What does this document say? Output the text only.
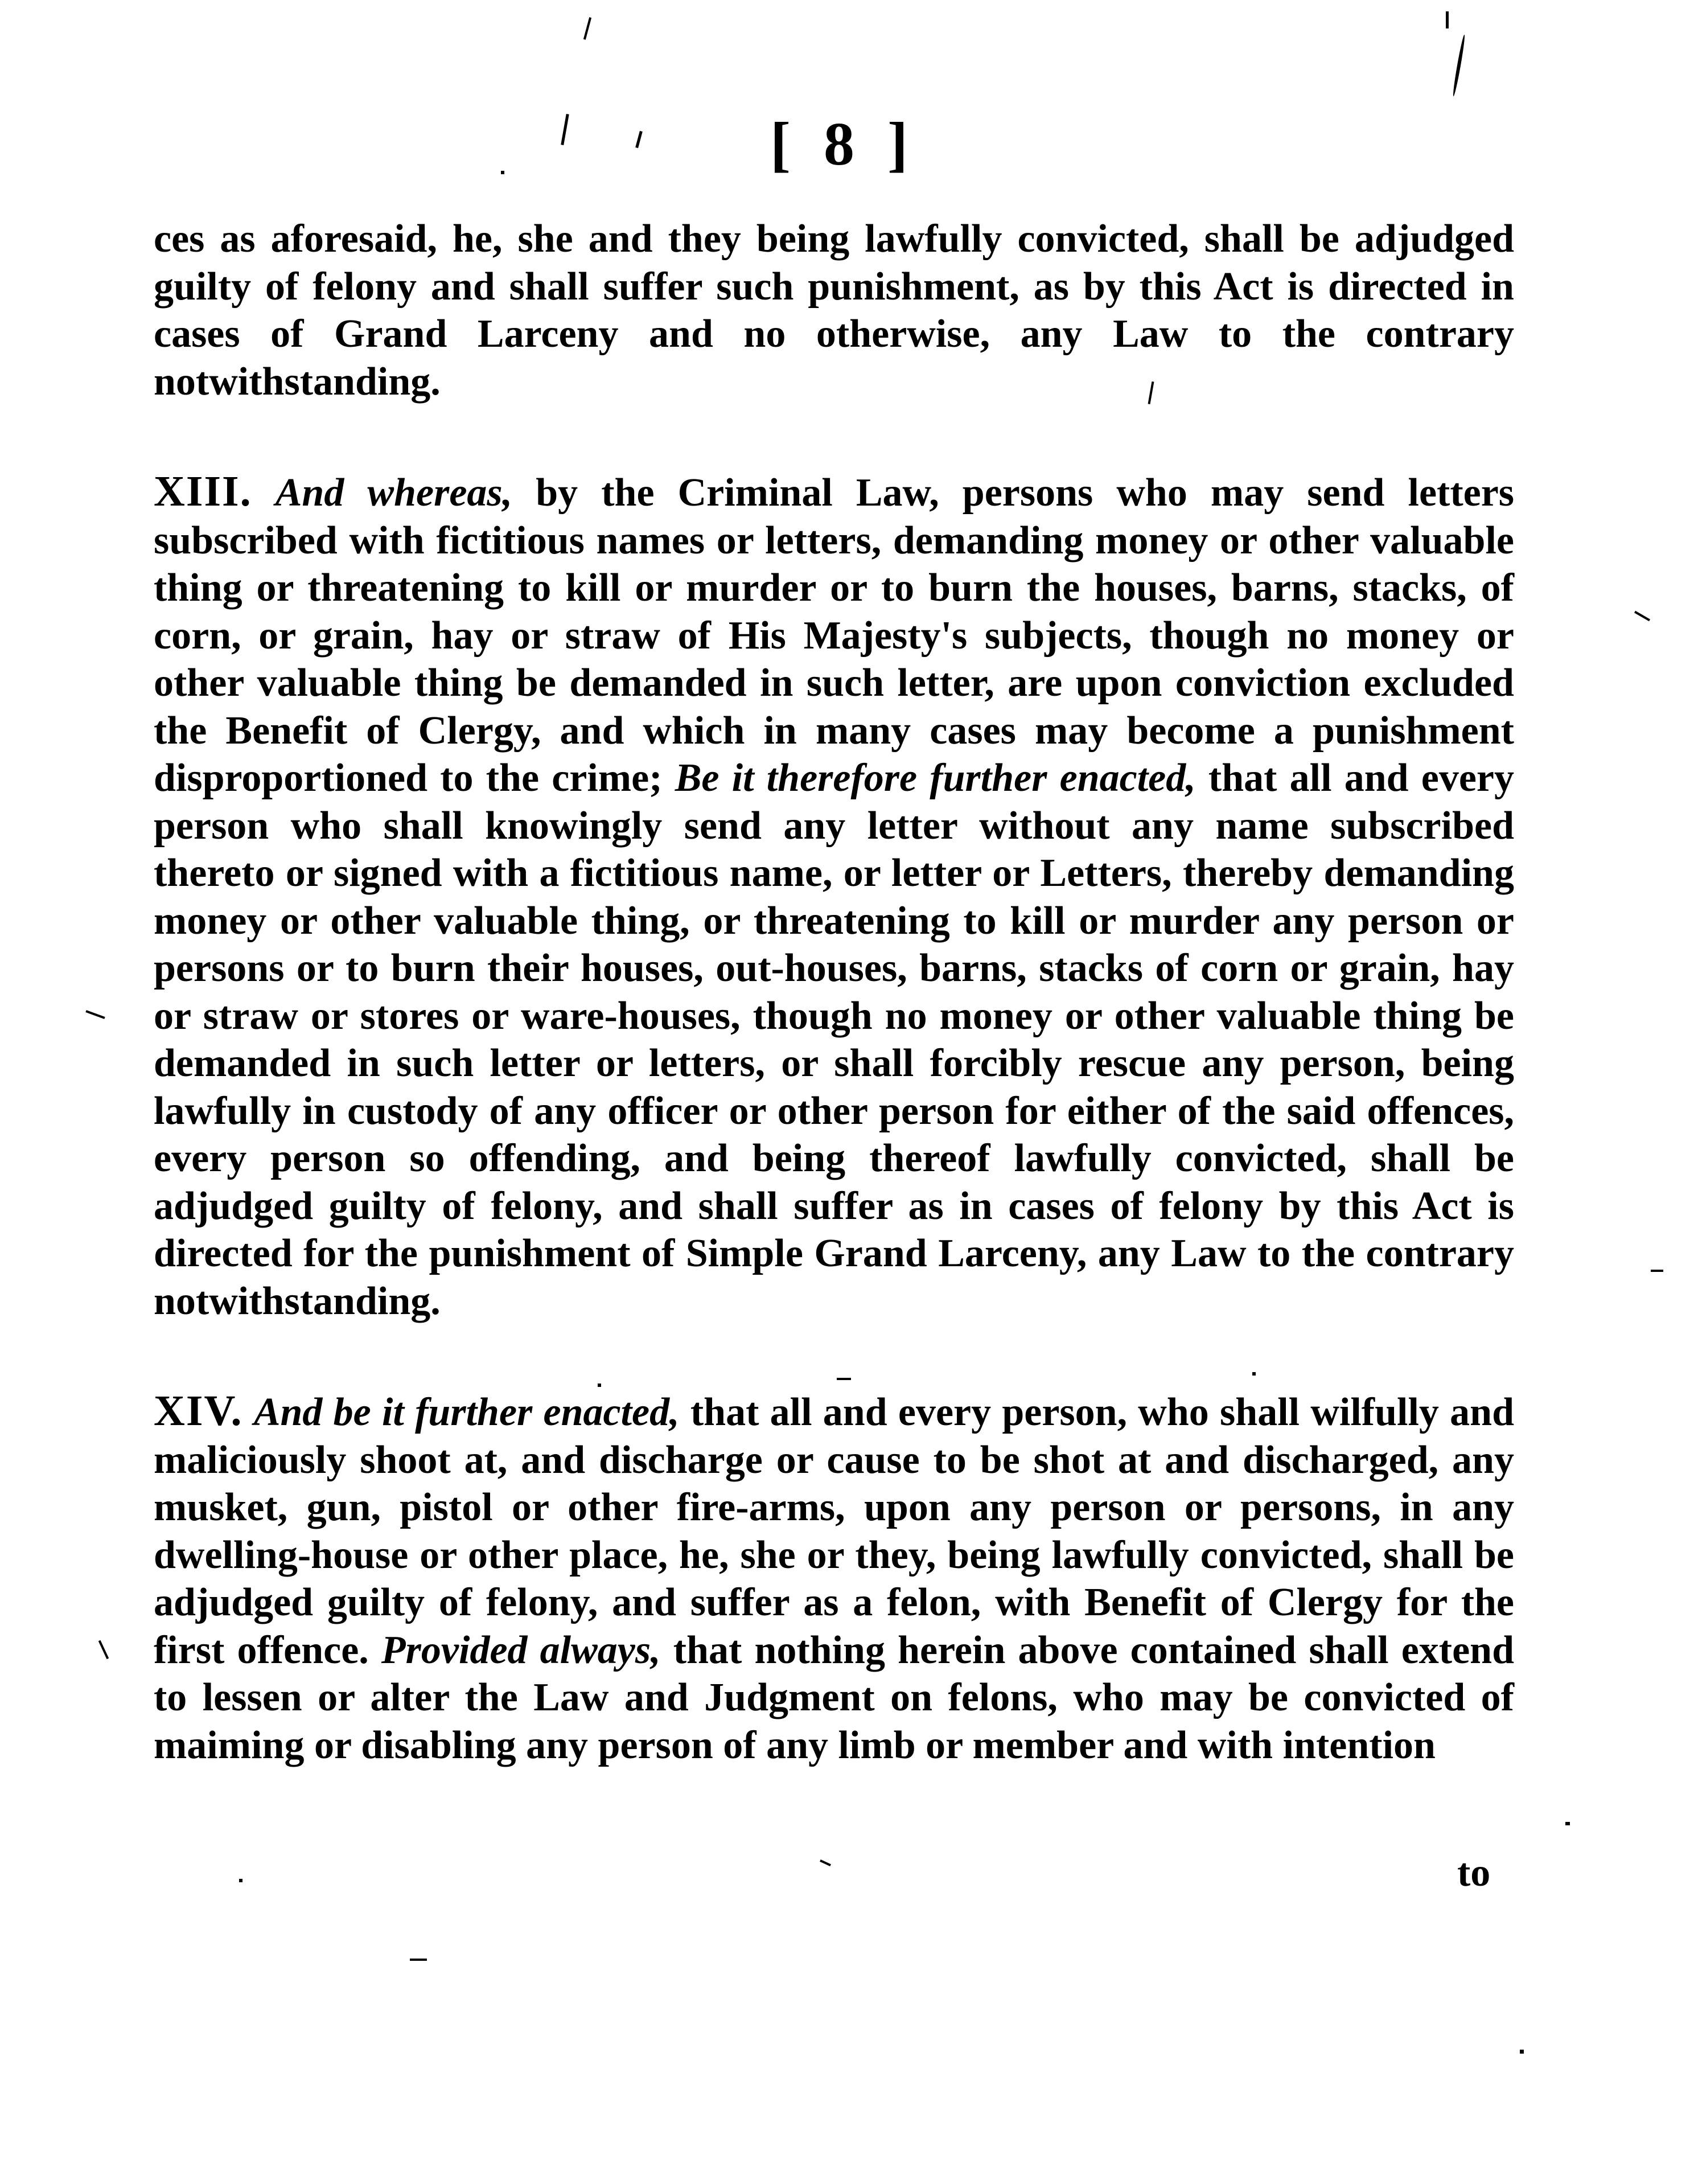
[ 8 ]

ces as aforesaid, he, she and they being lawfully convicted, shall be adjudged guilty of felony and shall suffer such punishment, as by this Act is directed in cases of Grand Larceny and no otherwise, any Law to the contrary notwithstanding.

XIII. And whereas, by the Criminal Law, persons who may send letters subscribed with fictitious names or letters, demanding money or other valuable thing or threatening to kill or murder or to burn the houses, barns, stacks, of corn, or grain, hay or straw of His Majesty's subjects, though no money or other valuable thing be demanded in such letter, are upon conviction excluded the Benefit of Clergy, and which in many cases may become a punishment disproportioned to the crime; Be it therefore further enacted, that all and every person who shall knowingly send any letter without any name subscribed thereto or signed with a fictitious name, or letter or Letters, thereby demanding money or other valuable thing, or threatening to kill or murder any person or persons or to burn their houses, out-houses, barns, stacks of corn or grain, hay or straw or stores or ware-houses, though no money or other valuable thing be demanded in such letter or letters, or shall forcibly rescue any person, being lawfully in custody of any officer or other person for either of the said offences, every person so offending, and being thereof lawfully convicted, shall be adjudged guilty of felony, and shall suffer as in cases of felony by this Act is directed for the punishment of Simple Grand Larceny, any Law to the contrary notwithstanding.

XIV. And be it further enacted, that all and every person, who shall wilfully and maliciously shoot at, and discharge or cause to be shot at and discharged, any musket, gun, pistol or other fire-arms, upon any person or persons, in any dwelling-house or other place, he, she or they, being lawfully convicted, shall be adjudged guilty of felony, and suffer as a felon, with Benefit of Clergy for the first offence. Provided always, that nothing herein above contained shall extend to lessen or alter the Law and Judgment on felons, who may be convicted of maiming or disabling any person of any limb or member and with intention

to
